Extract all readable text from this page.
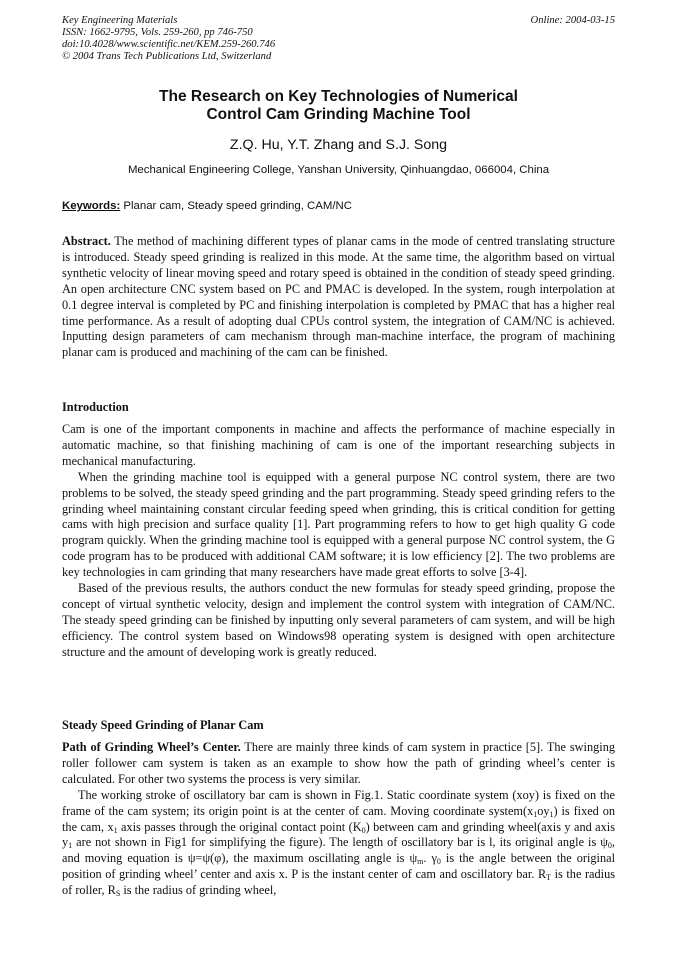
Key Engineering Materials
ISSN: 1662-9795, Vols. 259-260, pp 746-750
doi:10.4028/www.scientific.net/KEM.259-260.746
© 2004 Trans Tech Publications Ltd, Switzerland
Online: 2004-03-15
The Research on Key Technologies of Numerical
Control Cam Grinding Machine Tool
Z.Q. Hu, Y.T. Zhang and S.J. Song
Mechanical Engineering College, Yanshan University, Qinhuangdao, 066004, China
Keywords: Planar cam, Steady speed grinding, CAM/NC

Abstract. The method of machining different types of planar cams in the mode of centred translating structure is introduced. Steady speed grinding is realized in this mode. At the same time, the algorithm based on virtual synthetic velocity of linear moving speed and rotary speed is obtained in the condition of steady speed grinding. An open architecture CNC system based on PC and PMAC is developed. In the system, rough interpolation at 0.1 degree interval is completed by PC and finishing interpolation is completed by PMAC that has a higher real time performance. As a result of adopting dual CPUs control system, the integration of CAM/NC is achieved. Inputting design parameters of cam mechanism through man-machine interface, the program of machining planar cam is produced and machining of the cam can be finished.

Introduction

Cam is one of the important components in machine and affects the performance of machine especially in automatic machine, so that finishing machining of cam is one of the important researching subjects in mechanical manufacturing.

When the grinding machine tool is equipped with a general purpose NC control system, there are two problems to be solved, the steady speed grinding and the part programming. Steady speed grinding refers to the grinding wheel maintaining constant circular feeding speed when grinding, this is critical condition for getting cams with high precision and surface quality [1]. Part programming refers to how to get high quality G code program quickly. When the grinding machine tool is equipped with a general purpose NC control system, the G code program has to be produced with additional CAM software; it is low efficiency [2]. The two problems are key technologies in cam grinding that many researchers have made great efforts to solve [3-4].

Based of the previous results, the authors conduct the new formulas for steady speed grinding, propose the concept of virtual synthetic velocity, design and implement the control system with integration of CAM/NC. The steady speed grinding can be finished by inputting only several parameters of cam system, and will be high efficiency. The control system based on Windows98 operating system is designed with open architecture structure and the amount of developing work is greatly reduced.

Steady Speed Grinding of Planar Cam

Path of Grinding Wheel’s Center. There are mainly three kinds of cam system in practice [5]. The swinging roller follower cam system is taken as an example to show how the path of grinding wheel’s center is calculated. For other two systems the process is very similar.

The working stroke of oscillatory bar cam is shown in Fig.1. Static coordinate system (xoy) is fixed on the frame of the cam system; its origin point is at the center of cam. Moving coordinate $system(x_1oy_1)$ is fixed on the cam, $x_1$ axis passes through the original contact point $(K_0)$ between cam and grinding wheel(axis y and axis $y_1$ are not shown in Fig1 for simplifying the figure). The length of oscillatory bar is l, its original angle is $\psi_0$, and moving equation is ψ=ψ(φ), the maximum oscillating angle is $\psi_m$. $\gamma_0$ is the angle between the original position of grinding wheel’ center and axis x. P is the instant center of cam and oscillatory bar. $R_T$ is the radius of roller, $R_S$ is the radius of grinding wheel,
